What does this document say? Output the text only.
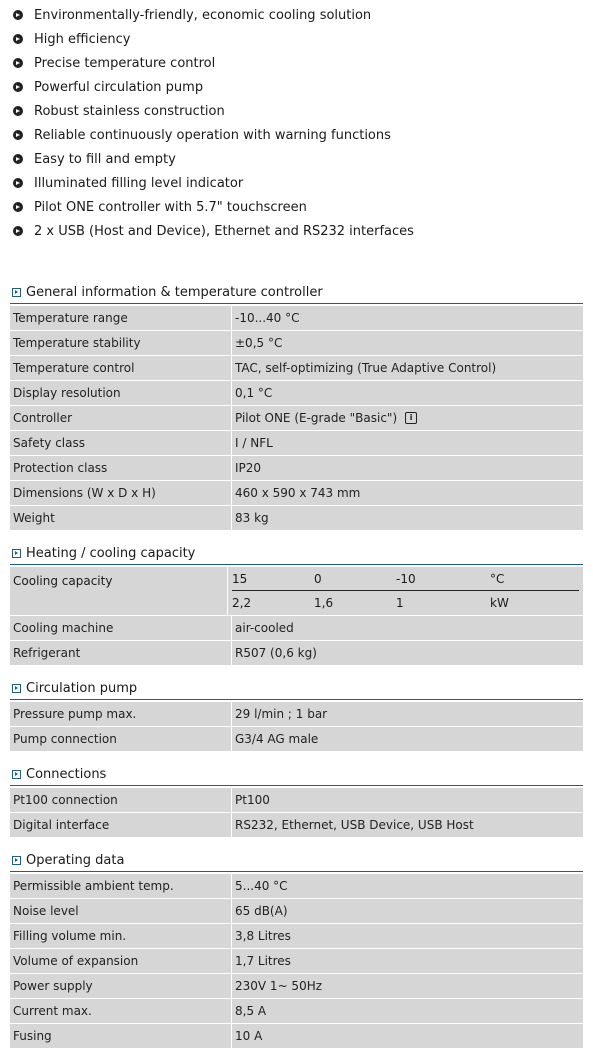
Environmentally-friendly, economic cooling solution
High efficiency
Precise temperature control
Powerful circulation pump
Robust stainless construction
Reliable continuously operation with warning functions
Easy to fill and empty
Illuminated filling level indicator
Pilot ONE controller with 5.7" touchscreen
2 x USB (Host and Device), Ethernet and RS232 interfaces
General information & temperature controller
Temperature range	-10...40 °C
Temperature stability	±0,5 °C
Temperature control	TAC, self-optimizing (True Adaptive Control)
Display resolution	0,1 °C
Controller	Pilot ONE (E-grade "Basic")	i
Safety class	I / NFL
Protection class	IP20
Dimensions (W x D x H)	460 x 590 x 743 mm
Weight	83 kg
Heating / cooling capacity
Cooling capacity	15	0	-10	°C
2,2	1,6	1	kW
Cooling machine	air-cooled
Refrigerant	R507 (0,6 kg)
Circulation pump
Pressure pump max.	29 l/min ; 1 bar
Pump connection	G3/4 AG male
Connections
Pt100 connection	Pt100
Digital interface	RS232, Ethernet, USB Device, USB Host
Operating data
Permissible ambient temp.	5...40 °C
Noise level	65 dB(A)
Filling volume min.	3,8 Litres
Volume of expansion	1,7 Litres
Power supply	230V 1~ 50Hz
Current max.	8,5 A
Fusing	10 A
